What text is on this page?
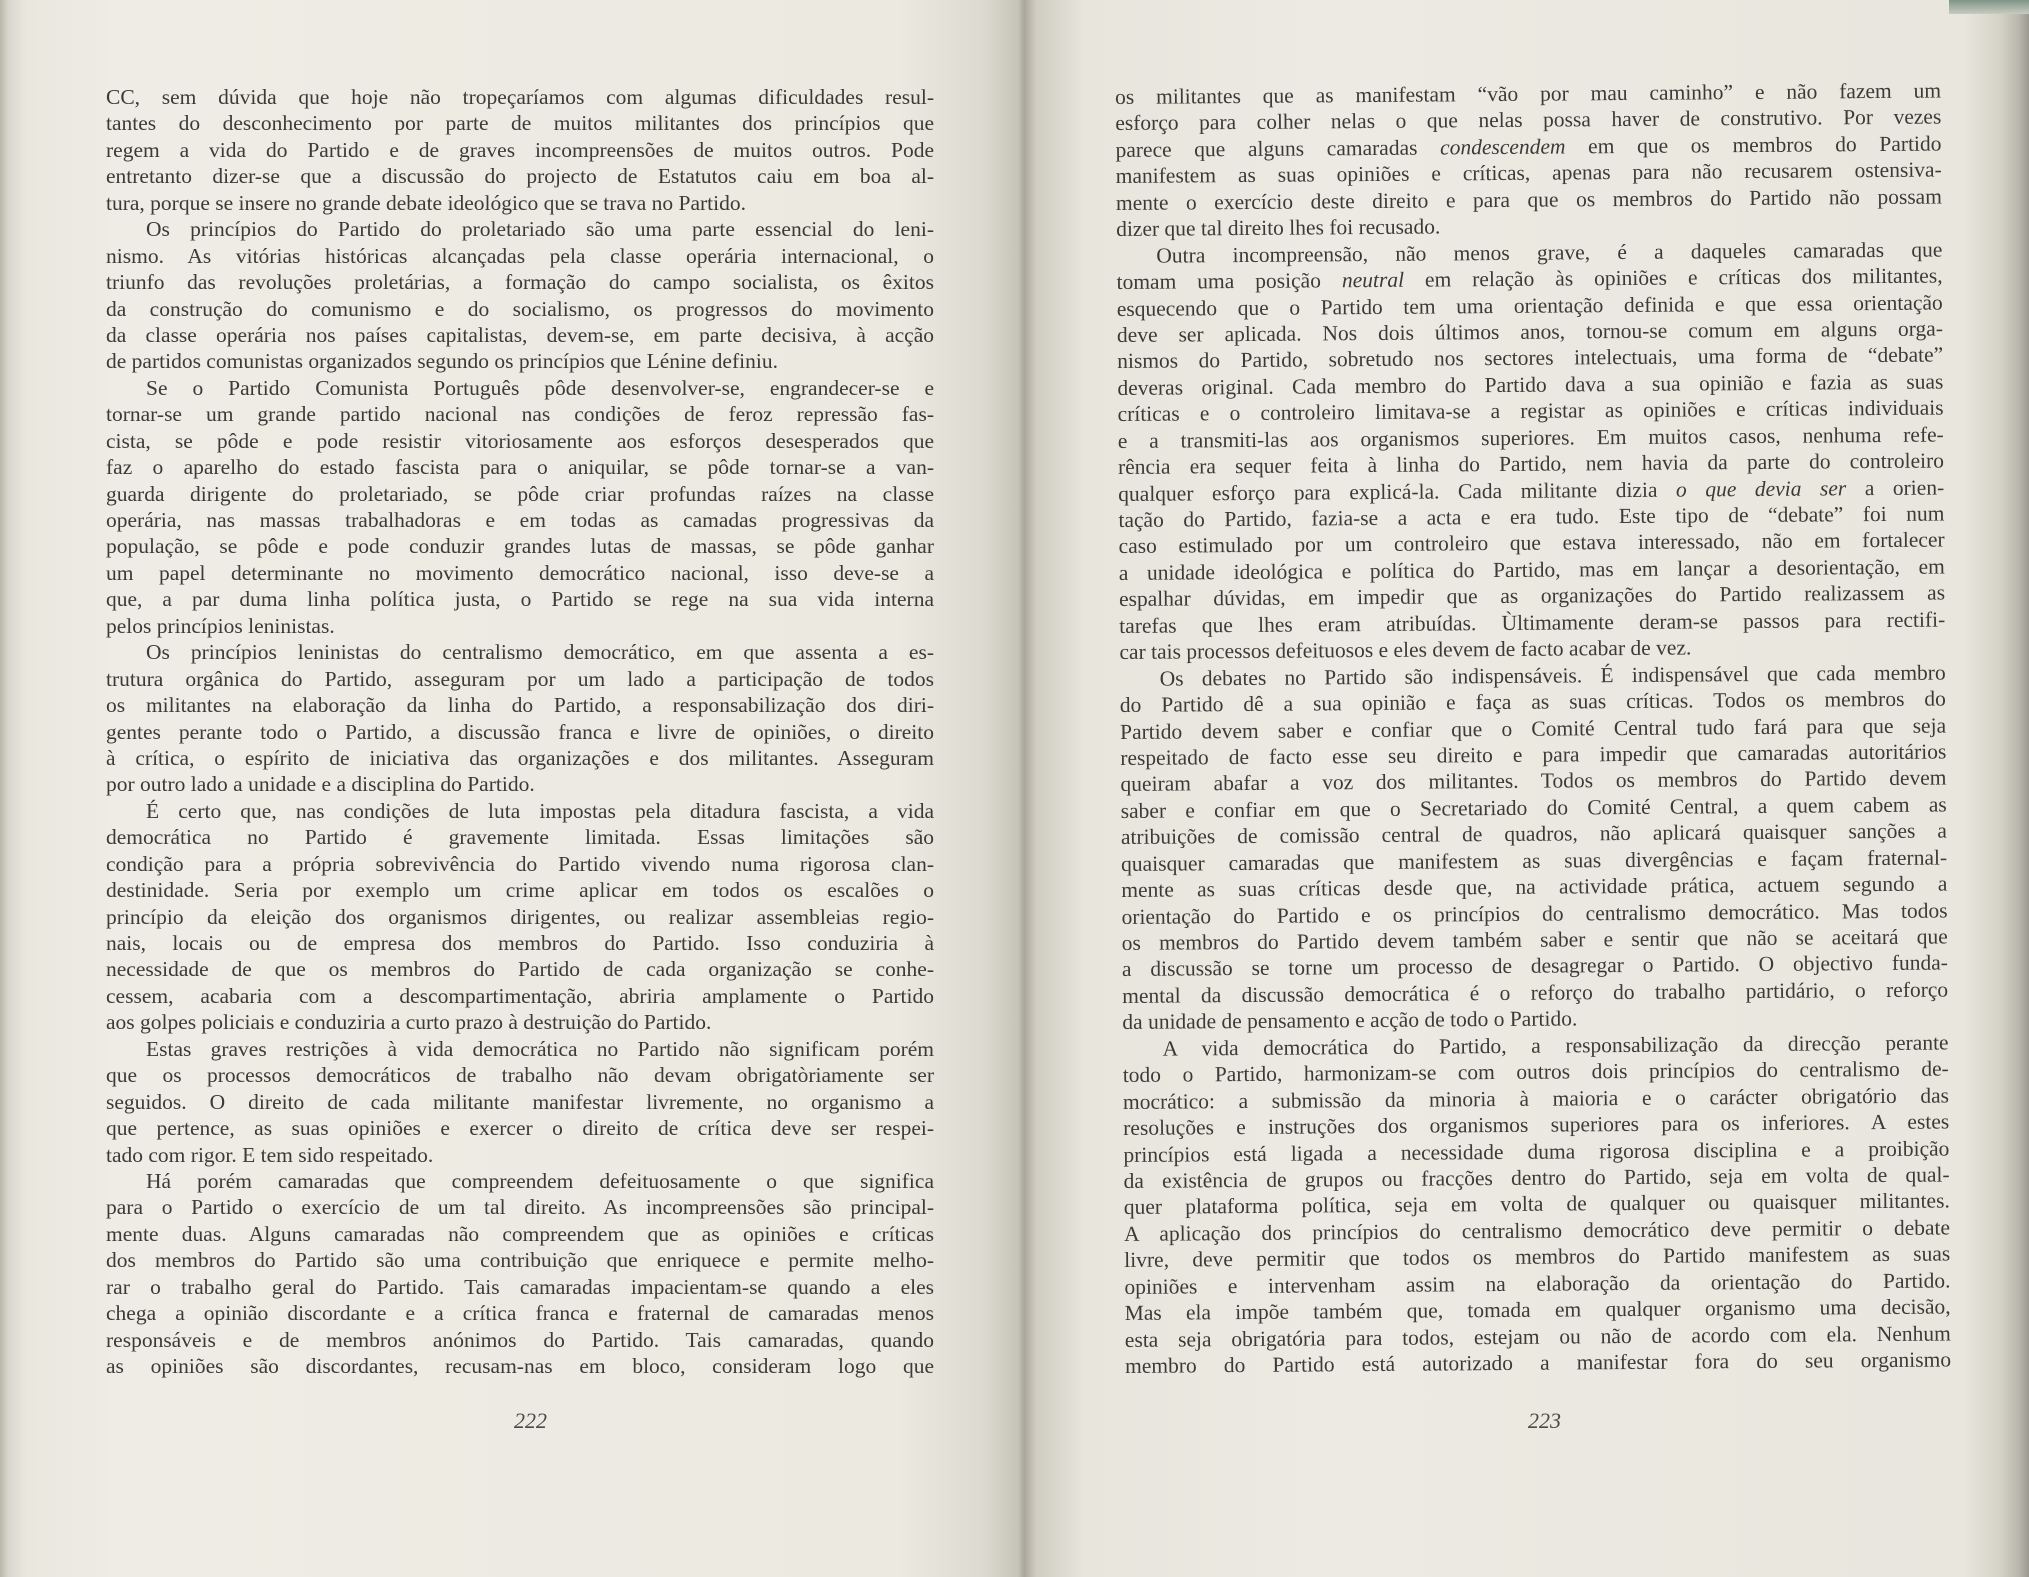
CC, sem dúvida que hoje não tropeçaríamos com algumas dificuldades resul-
tantes do desconhecimento por parte de muitos militantes dos princípios que
regem a vida do Partido e de graves incompreensões de muitos outros. Pode
entretanto dizer-se que a discussão do projecto de Estatutos caiu em boa al-
tura, porque se insere no grande debate ideológico que se trava no Partido.
Os princípios do Partido do proletariado são uma parte essencial do leni-
nismo. As vitórias históricas alcançadas pela classe operária internacional, o
triunfo das revoluções proletárias, a formação do campo socialista, os êxitos
da construção do comunismo e do socialismo, os progressos do movimento
da classe operária nos países capitalistas, devem-se, em parte decisiva, à acção
de partidos comunistas organizados segundo os princípios que Lénine definiu.
Se o Partido Comunista Português pôde desenvolver-se, engrandecer-se e
tornar-se um grande partido nacional nas condições de feroz repressão fas-
cista, se pôde e pode resistir vitoriosamente aos esforços desesperados que
faz o aparelho do estado fascista para o aniquilar, se pôde tornar-se a van-
guarda dirigente do proletariado, se pôde criar profundas raízes na classe
operária, nas massas trabalhadoras e em todas as camadas progressivas da
população, se pôde e pode conduzir grandes lutas de massas, se pôde ganhar
um papel determinante no movimento democrático nacional, isso deve-se a
que, a par duma linha política justa, o Partido se rege na sua vida interna
pelos princípios leninistas.
Os princípios leninistas do centralismo democrático, em que assenta a es-
trutura orgânica do Partido, asseguram por um lado a participação de todos
os militantes na elaboração da linha do Partido, a responsabilização dos diri-
gentes perante todo o Partido, a discussão franca e livre de opiniões, o direito
à crítica, o espírito de iniciativa das organizações e dos militantes. Asseguram
por outro lado a unidade e a disciplina do Partido.
É certo que, nas condições de luta impostas pela ditadura fascista, a vida
democrática no Partido é gravemente limitada. Essas limitações são
condição para a própria sobrevivência do Partido vivendo numa rigorosa clan-
destinidade. Seria por exemplo um crime aplicar em todos os escalões o
princípio da eleição dos organismos dirigentes, ou realizar assembleias regio-
nais, locais ou de empresa dos membros do Partido. Isso conduziria à
necessidade de que os membros do Partido de cada organização se conhe-
cessem, acabaria com a descompartimentação, abriria amplamente o Partido
aos golpes policiais e conduziria a curto prazo à destruição do Partido.
Estas graves restrições à vida democrática no Partido não significam porém
que os processos democráticos de trabalho não devam obrigatòriamente ser
seguidos. O direito de cada militante manifestar livremente, no organismo a
que pertence, as suas opiniões e exercer o direito de crítica deve ser respei-
tado com rigor. E tem sido respeitado.
Há porém camaradas que compreendem defeituosamente o que significa
para o Partido o exercício de um tal direito. As incompreensões são principal-
mente duas. Alguns camaradas não compreendem que as opiniões e críticas
dos membros do Partido são uma contribuição que enriquece e permite melho-
rar o trabalho geral do Partido. Tais camaradas impacientam-se quando a eles
chega a opinião discordante e a crítica franca e fraternal de camaradas menos
responsáveis e de membros anónimos do Partido. Tais camaradas, quando
as opiniões são discordantes, recusam-nas em bloco, consideram logo que
222
os militantes que as manifestam “vão por mau caminho” e não fazem um
esforço para colher nelas o que nelas possa haver de construtivo. Por vezes
parece que alguns camaradas condescendem em que os membros do Partido
manifestem as suas opiniões e críticas, apenas para não recusarem ostensiva-
mente o exercício deste direito e para que os membros do Partido não possam
dizer que tal direito lhes foi recusado.
Outra incompreensão, não menos grave, é a daqueles camaradas que
tomam uma posição neutral em relação às opiniões e críticas dos militantes,
esquecendo que o Partido tem uma orientação definida e que essa orientação
deve ser aplicada. Nos dois últimos anos, tornou-se comum em alguns orga-
nismos do Partido, sobretudo nos sectores intelectuais, uma forma de “debate”
deveras original. Cada membro do Partido dava a sua opinião e fazia as suas
críticas e o controleiro limitava-se a registar as opiniões e críticas individuais
e a transmiti-las aos organismos superiores. Em muitos casos, nenhuma refe-
rência era sequer feita à linha do Partido, nem havia da parte do controleiro
qualquer esforço para explicá-la. Cada militante dizia o que devia ser a orien-
tação do Partido, fazia-se a acta e era tudo. Este tipo de “debate” foi num
caso estimulado por um controleiro que estava interessado, não em fortalecer
a unidade ideológica e política do Partido, mas em lançar a desorientação, em
espalhar dúvidas, em impedir que as organizações do Partido realizassem as
tarefas que lhes eram atribuídas. Ùltimamente deram-se passos para rectifi-
car tais processos defeituosos e eles devem de facto acabar de vez.
Os debates no Partido são indispensáveis. É indispensável que cada membro
do Partido dê a sua opinião e faça as suas críticas. Todos os membros do
Partido devem saber e confiar que o Comité Central tudo fará para que seja
respeitado de facto esse seu direito e para impedir que camaradas autoritários
queiram abafar a voz dos militantes. Todos os membros do Partido devem
saber e confiar em que o Secretariado do Comité Central, a quem cabem as
atribuições de comissão central de quadros, não aplicará quaisquer sanções a
quaisquer camaradas que manifestem as suas divergências e façam fraternal-
mente as suas críticas desde que, na actividade prática, actuem segundo a
orientação do Partido e os princípios do centralismo democrático. Mas todos
os membros do Partido devem também saber e sentir que não se aceitará que
a discussão se torne um processo de desagregar o Partido. O objectivo funda-
mental da discussão democrática é o reforço do trabalho partidário, o reforço
da unidade de pensamento e acção de todo o Partido.
A vida democrática do Partido, a responsabilização da direcção perante
todo o Partido, harmonizam-se com outros dois princípios do centralismo de-
mocrático: a submissão da minoria à maioria e o carácter obrigatório das
resoluções e instruções dos organismos superiores para os inferiores. A estes
princípios está ligada a necessidade duma rigorosa disciplina e a proibição
da existência de grupos ou fracções dentro do Partido, seja em volta de qual-
quer plataforma política, seja em volta de qualquer ou quaisquer militantes.
A aplicação dos princípios do centralismo democrático deve permitir o debate
livre, deve permitir que todos os membros do Partido manifestem as suas
opiniões e intervenham assim na elaboração da orientação do Partido.
Mas ela impõe também que, tomada em qualquer organismo uma decisão,
esta seja obrigatória para todos, estejam ou não de acordo com ela. Nenhum
membro do Partido está autorizado a manifestar fora do seu organismo
223
